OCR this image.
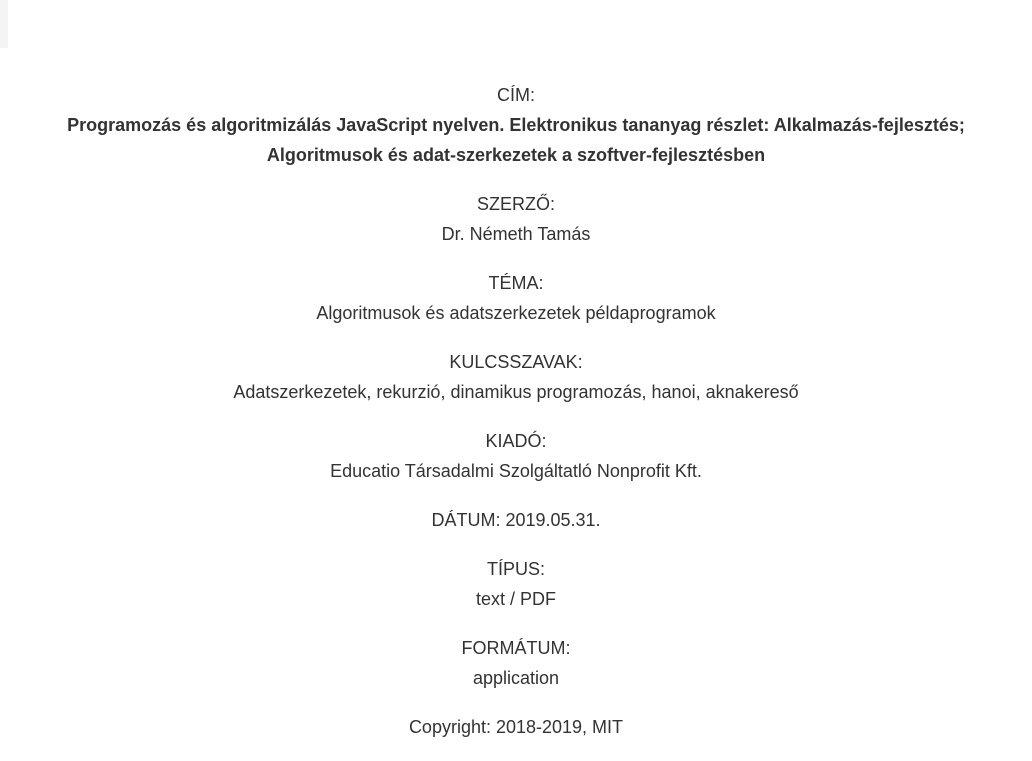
CÍM:
Programozás és algoritmizálás JavaScript nyelven. Elektronikus tananyag részlet: Alkalmazás-fejlesztés;
Algoritmusok és adat-szerkezetek a szoftver-fejlesztésben
SZERZŐ:
Dr. Németh Tamás
TÉMA:
Algoritmusok és adatszerkezetek példaprogramok
KULCSSZAVAK:
Adatszerkezetek, rekurzió, dinamikus programozás, hanoi, aknakereső
KIADÓ:
Educatio Társadalmi Szolgáltatló Nonprofit Kft.
DÁTUM: 2019.05.31.
TÍPUS:
text / PDF
FORMÁTUM:
application
Copyright: 2018-2019, MIT
